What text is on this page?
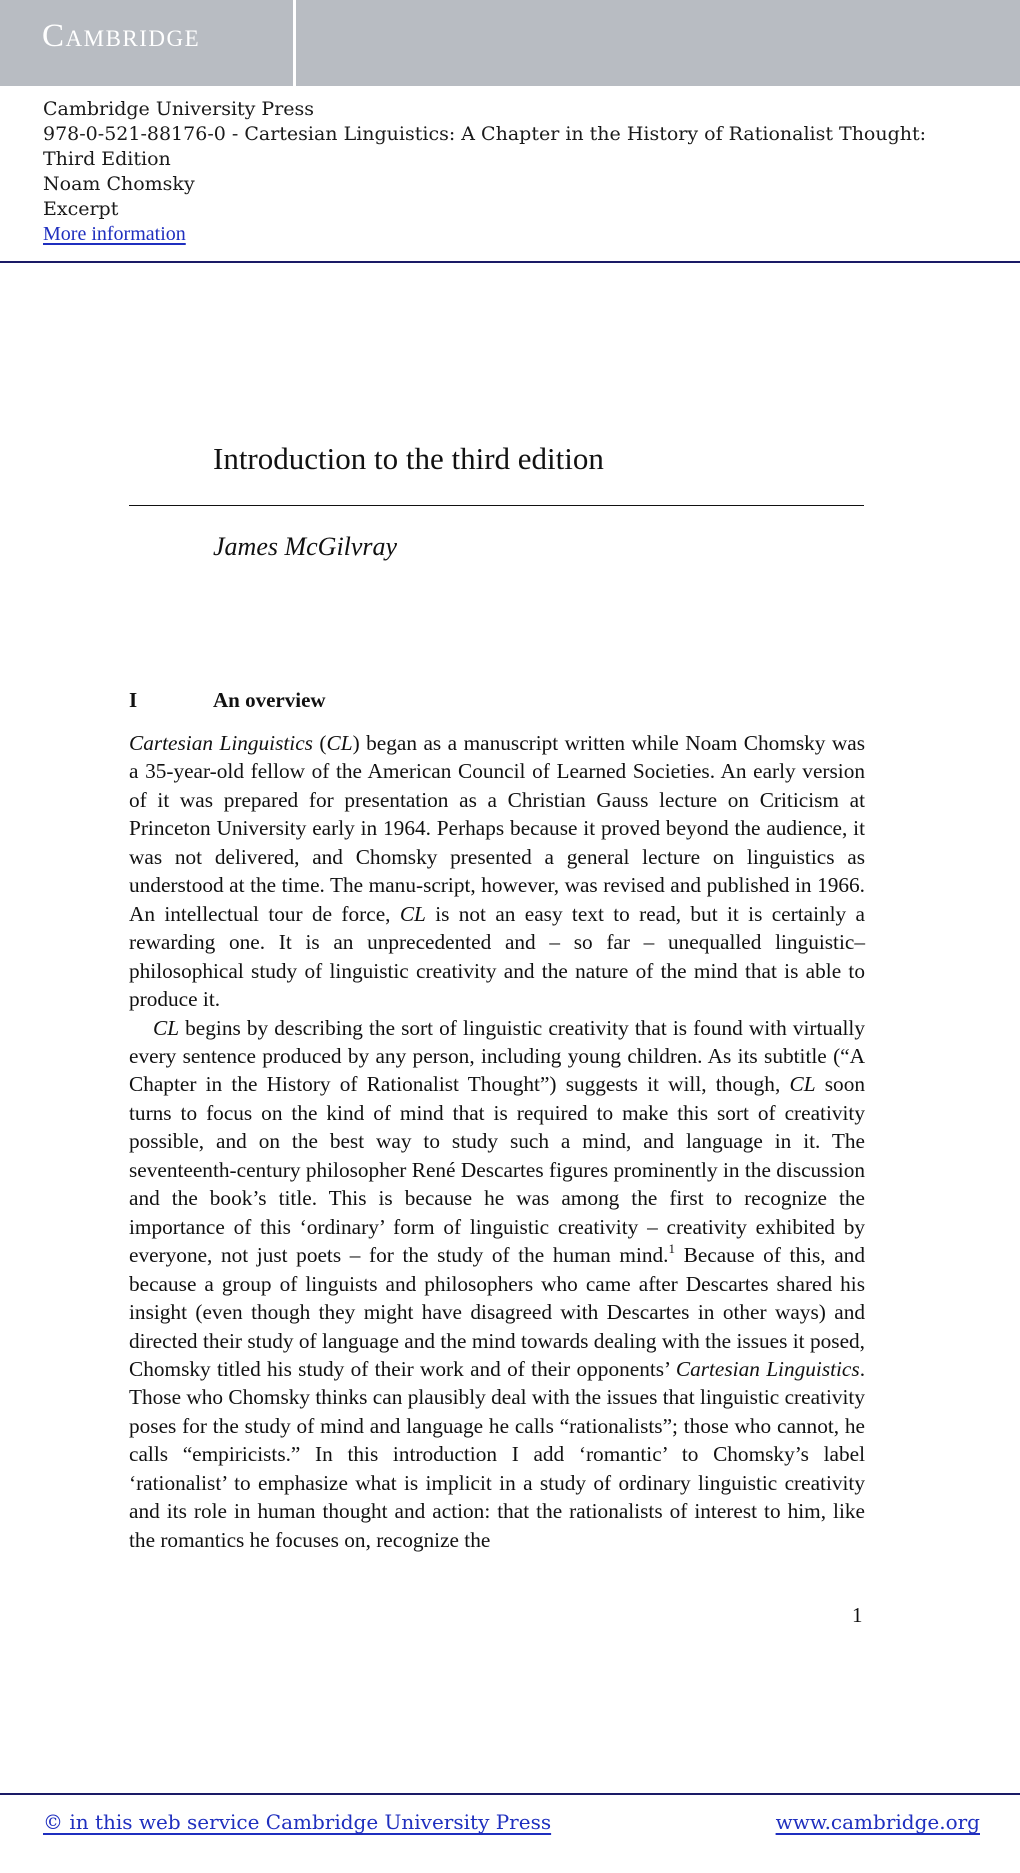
Cambridge
Cambridge University Press
978-0-521-88176-0 - Cartesian Linguistics: A Chapter in the History of Rationalist Thought:
Third Edition
Noam Chomsky
Excerpt
More information
Introduction to the third edition
James McGilvray
I	An overview

Cartesian Linguistics (CL) began as a manuscript written while Noam Chomsky was a 35-year-old fellow of the American Council of Learned Societies. An early version of it was prepared for presentation as a Christian Gauss lecture on Criticism at Princeton University early in 1964. Perhaps because it proved beyond the audience, it was not delivered, and Chomsky presented a general lecture on linguistics as understood at the time. The manu-script, however, was revised and published in 1966. An intellectual tour de force, CL is not an easy text to read, but it is certainly a rewarding one. It is an unprecedented and – so far – unequalled linguistic–philosophical study of linguistic creativity and the nature of the mind that is able to produce it.

CL begins by describing the sort of linguistic creativity that is found with virtually every sentence produced by any person, including young children. As its subtitle (“A Chapter in the History of Rationalist Thought”) suggests it will, though, CL soon turns to focus on the kind of mind that is required to make this sort of creativity possible, and on the best way to study such a mind, and language in it. The seventeenth-century philosopher René Descartes figures prominently in the discussion and the book’s title. This is because he was among the first to recognize the importance of this ‘ordinary’ form of linguistic creativity – creativity exhibited by everyone, not just poets – for the study of the human mind.$^1$ Because of this, and because a group of linguists and philosophers who came after Descartes shared his insight (even though they might have disagreed with Descartes in other ways) and directed their study of language and the mind towards dealing with the issues it posed, Chomsky titled his study of their work and of their opponents’ Cartesian Linguistics. Those who Chomsky thinks can plausibly deal with the issues that linguistic creativity poses for the study of mind and language he calls “rationalists”; those who cannot, he calls “empiricists.” In this introduction I add ‘romantic’ to Chomsky’s label ‘rationalist’ to emphasize what is implicit in a study of ordinary linguistic creativity and its role in human thought and action: that the rationalists of interest to him, like the romantics he focuses on, recognize the

1
© in this web service Cambridge University Press	www.cambridge.org
